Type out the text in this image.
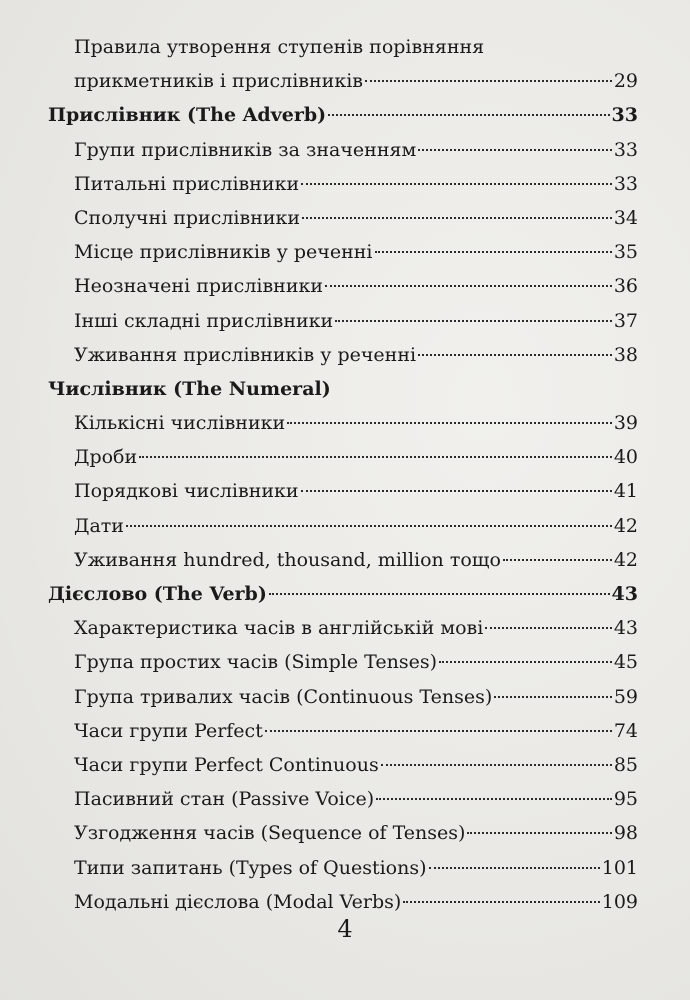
Правила утворення ступенів порівняння
прикметників і прислівників	29
Прислівник (The Adverb)	33
Групи прислівників за значенням	33
Питальні прислівники	33
Сполучні прислівники	34
Місце прислівників у реченні	35
Неозначені прислівники	36
Інші складні прислівники	37
Уживання прислівників у реченні	38
Числівник (The Numeral)
Кількісні числівники	39
Дроби	40
Порядкові числівники	41
Дати	42
Уживання hundred, thousand, million тощо	42
Дієслово (The Verb)	43
Характеристика часів в англійській мові	43
Група простих часів (Simple Tenses)	45
Група тривалих часів (Continuous Tenses)	59
Часи групи Perfect	74
Часи групи Perfect Continuous	85
Пасивний стан (Passive Voice)	95
Узгодження часів (Sequence of Tenses)	98
Типи запитань (Types of Questions)	101
Модальні дієслова (Modal Verbs)	109
4
